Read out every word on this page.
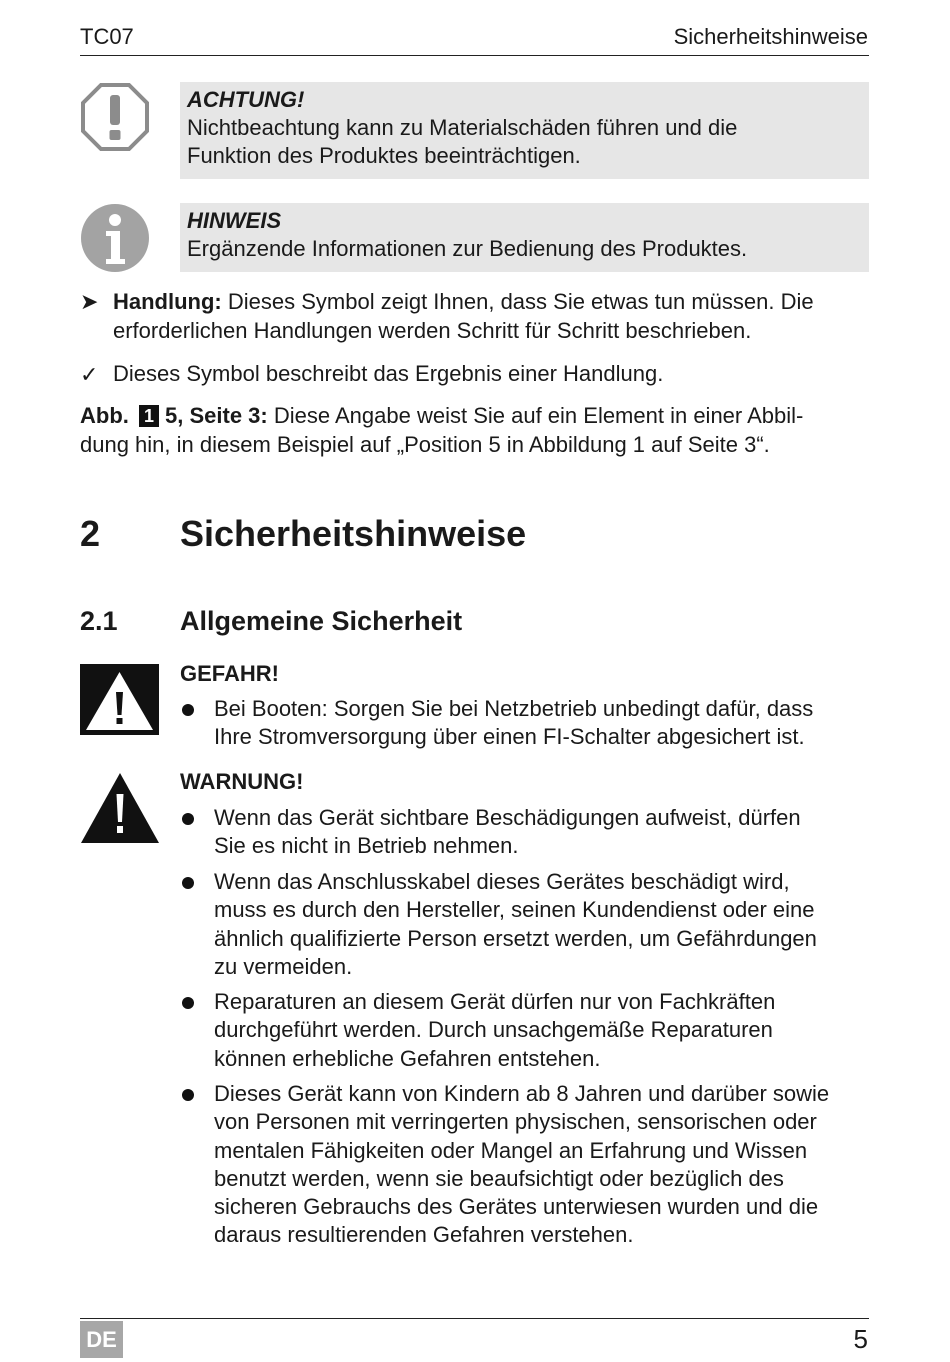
TC07	Sicherheitshinweise
ACHTUNG!
Nichtbeachtung kann zu Materialschäden führen und die
Funktion des Produktes beeinträchtigen.
HINWEIS
Ergänzende Informationen zur Bedienung des Produktes.
➤ Handlung: Dieses Symbol zeigt Ihnen, dass Sie etwas tun müssen. Die
erforderlichen Handlungen werden Schritt für Schritt beschrieben.
✓ Dieses Symbol beschreibt das Ergebnis einer Handlung.
Abb. 1 5, Seite 3: Diese Angabe weist Sie auf ein Element in einer Abbil-
dung hin, in diesem Beispiel auf „Position 5 in Abbildung 1 auf Seite 3“.
2 Sicherheitshinweise
2.1 Allgemeine Sicherheit
GEFAHR!
Bei Booten: Sorgen Sie bei Netzbetrieb unbedingt dafür, dass
Ihre Stromversorgung über einen FI-Schalter abgesichert ist.
WARNUNG!
Wenn das Gerät sichtbare Beschädigungen aufweist, dürfen
Sie es nicht in Betrieb nehmen.
Wenn das Anschlusskabel dieses Gerätes beschädigt wird,
muss es durch den Hersteller, seinen Kundendienst oder eine
ähnlich qualifizierte Person ersetzt werden, um Gefährdungen
zu vermeiden.
Reparaturen an diesem Gerät dürfen nur von Fachkräften
durchgeführt werden. Durch unsachgemäße Reparaturen
können erhebliche Gefahren entstehen.
Dieses Gerät kann von Kindern ab 8 Jahren und darüber sowie
von Personen mit verringerten physischen, sensorischen oder
mentalen Fähigkeiten oder Mangel an Erfahrung und Wissen
benutzt werden, wenn sie beaufsichtigt oder bezüglich des
sicheren Gebrauchs des Gerätes unterwiesen wurden und die
daraus resultierenden Gefahren verstehen.
DE	5
